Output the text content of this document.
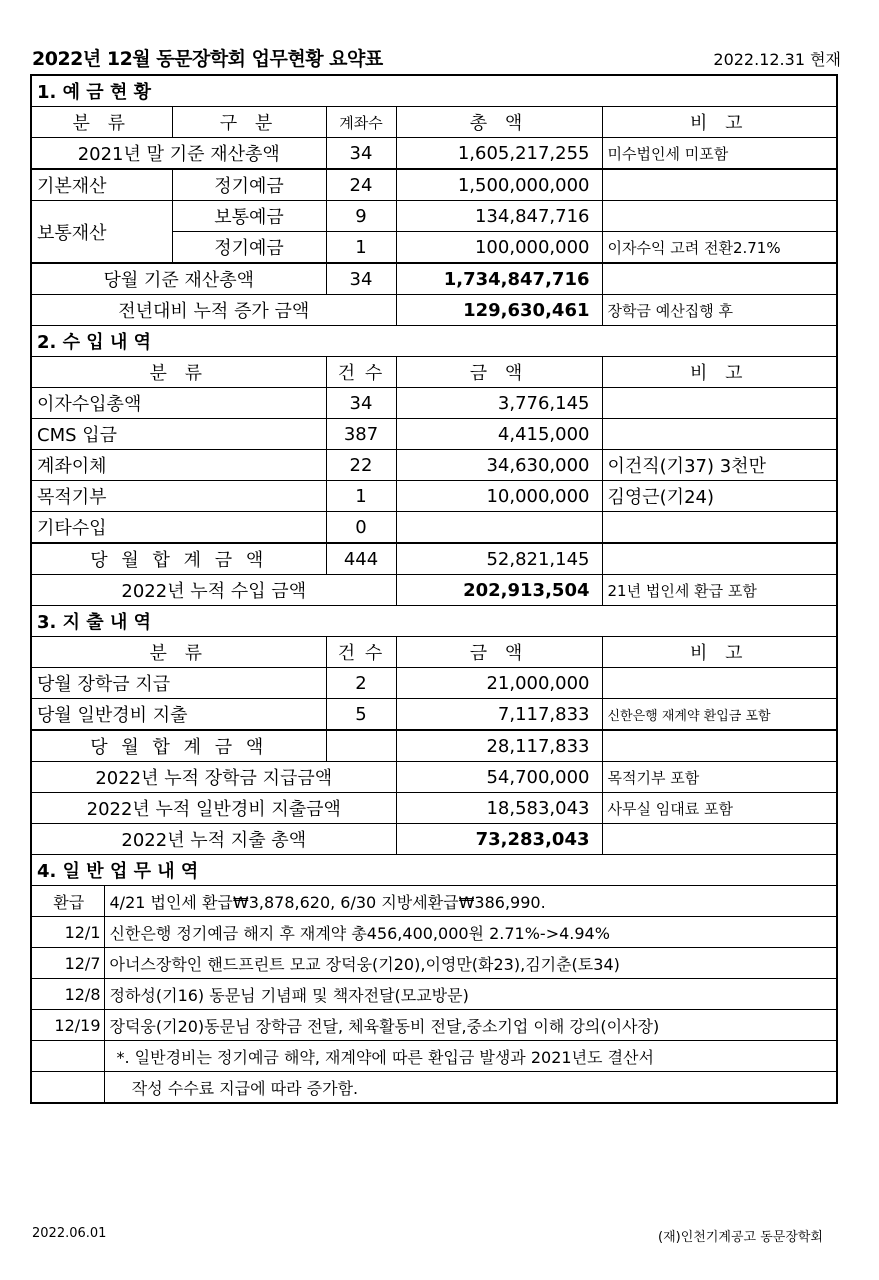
2022년 12월 동문장학회 업무현황 요약표	2022.12.31 현재
1. 예 금 현 황				
분 류	구 분	계좌수	총 액	비 고
2021년 말 기준 재산총액		34	1,605,217,255	미수법인세 미포함
기본재산	정기예금	24	1,500,000,000	
보통재산	보통예금	9	134,847,716	
	정기예금	1	100,000,000	이자수익 고려 전환2.71%
당월 기준 재산총액		34	1,734,847,716	
전년대비 누적 증가 금액			129,630,461	장학금 예산집행 후
2. 수 입 내 역			
분 류	건 수	금 액	비 고
이자수입총액	34	3,776,145	
CMS 입금	387	4,415,000	
계좌이체	22	34,630,000	이건직(기37) 3천만
목적기부	1	10,000,000	김영근(기24)
기타수입	0		
당 월 합 계 금 액	444	52,821,145	
2022년 누적 수입 금액		202,913,504	21년 법인세 환급 포함
3. 지 출 내 역			
분 류	건 수	금 액	비 고
당월 장학금 지급	2	21,000,000	
당월 일반경비 지출	5	7,117,833	신한은행 재계약 환입금 포함
당 월 합 계 금 액		28,117,833	
2022년 누적 장학금 지급금액		54,700,000	목적기부 포함
2022년 누적 일반경비 지출금액		18,583,043	사무실 임대료 포함
2022년 누적 지출 총액		73,283,043	
4. 일 반 업 무 내 역	
환급	4/21 법인세 환급₩3,878,620, 6/30 지방세환급₩386,990.
12/1	신한은행 정기예금 해지 후 재계약 총456,400,000원 2.71%->4.94%
12/7	아너스장학인 핸드프린트 모교 장덕웅(기20),이영만(화23),김기춘(토34)
12/8	정하성(기16) 동문님 기념패 및 책자전달(모교방문)
12/19	장덕웅(기20)동문님 장학금 전달, 체육활동비 전달,중소기업 이해 강의(이사장)
	*. 일반경비는 정기예금 해약, 재계약에 따른 환입금 발생과 2021년도 결산서
	작성 수수료 지급에 따라 증가함.
2022.06.01	(재)인천기계공고 동문장학회
